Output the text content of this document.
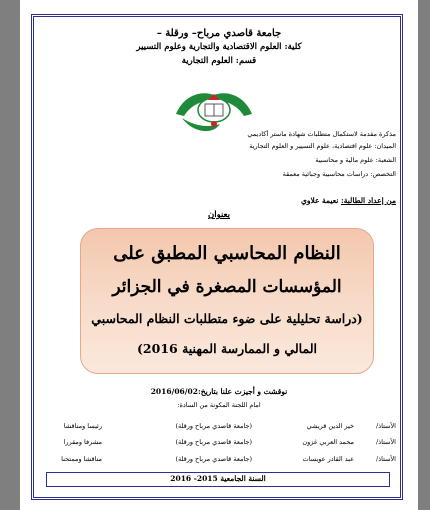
جامعة قاصدي مرباح– ورقلة –
كلية: العلوم الاقتصادية والتجارية وعلوم التسيير
قسم: العلوم التجارية
مذكرة مقدمة لاستكمال متطلبات شهادة ماستر أكاديمي
الميدان: علوم اقتصادية، علوم التسيير و العلوم التجارية
الشعبة: علوم مالية و محاسبية
التخصص: دراسات محاسبية وجبائية معمقة
من إعداد الطالبة: نعيمة علاوي
بعنوان
النظام المحاسبي المطبق على
المؤسسات المصغرة في الجزائر
(دراسة تحليلية على ضوء متطلبات النظام المحاسبي
المالي و الممارسة المهنية 2016)
نوقشت و أجيزت علنا بتاريخ:2016/06/02
امام اللجنة المكونة من السادة:
الأستاذ/خير الدين قريشي(جامعة قاصدي مرباح ورقلة)رئيسا ومناقشا
الأستاذ/محمد العربي غزون(جامعة قاصدي مرباح ورقلة)مشرفا ومقررا
الأستاذ/عبد القادر عويسات(جامعة قاصدي مرباح ورقلة)مناقشا وممتحنا
السنة الجامعية 2015- 2016
